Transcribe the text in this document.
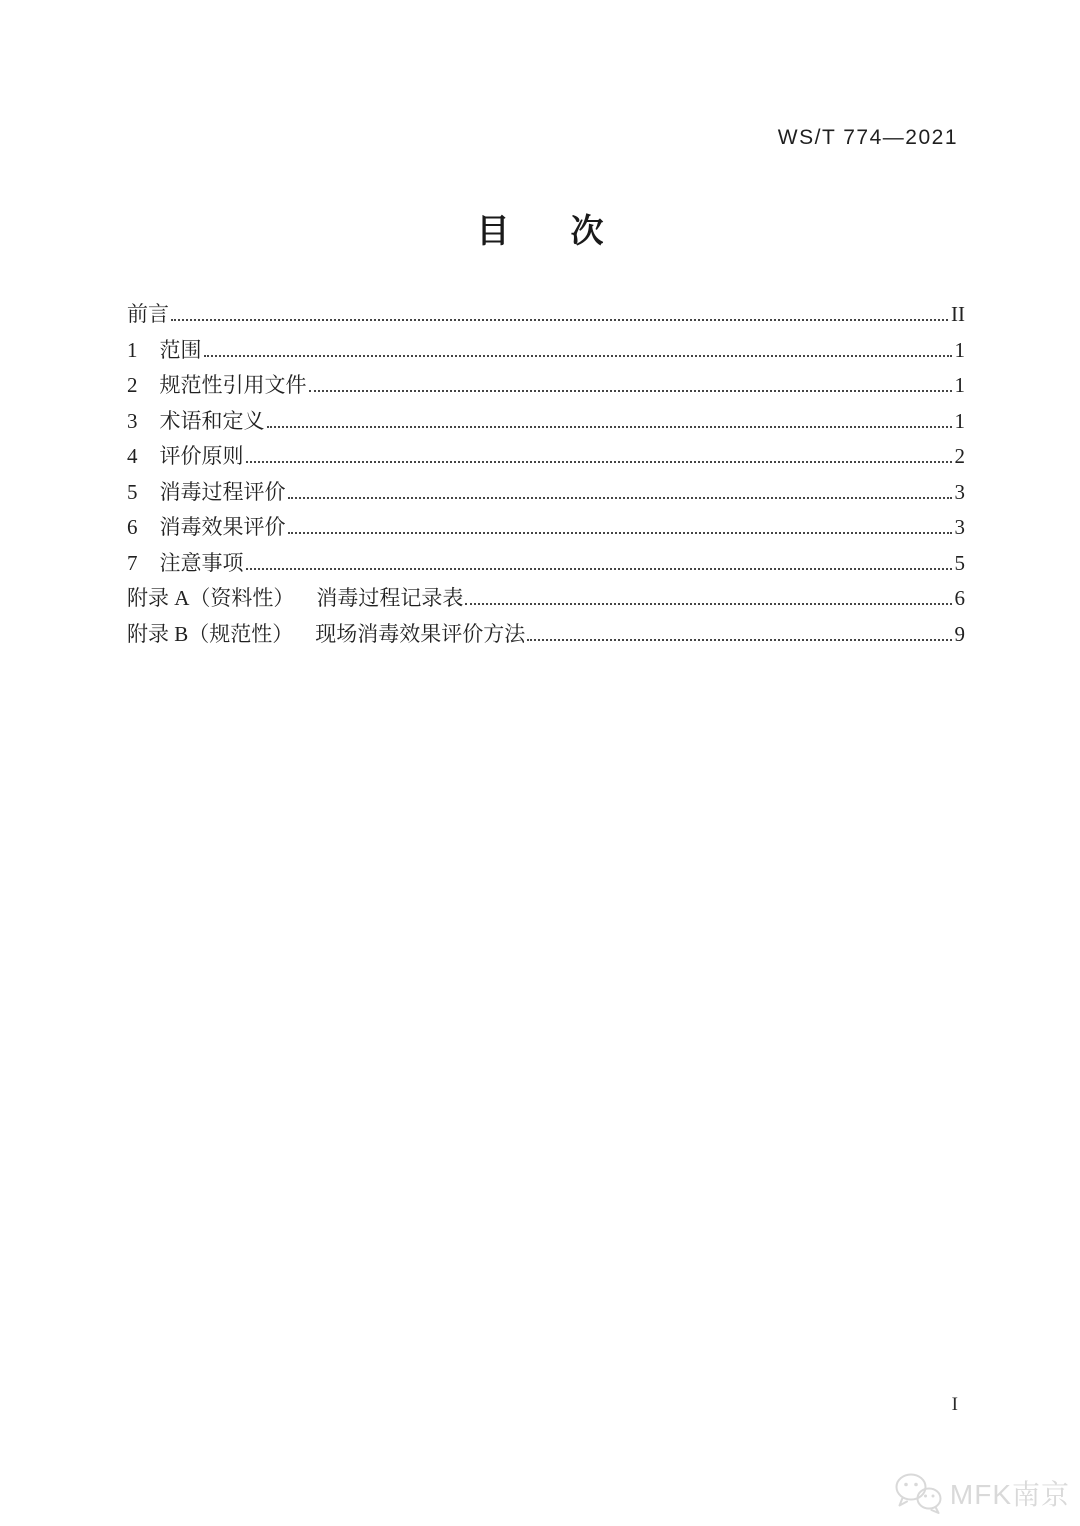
WS/T 774—2021
目　次
前言	II
1 范围	1
2 规范性引用文件	1
3 术语和定义	1
4 评价原则	2
5 消毒过程评价	3
6 消毒效果评价	3
7 注意事项	5
附录 A（资料性） 消毒过程记录表	6
附录 B（规范性） 现场消毒效果评价方法	9
I
MFK南京
